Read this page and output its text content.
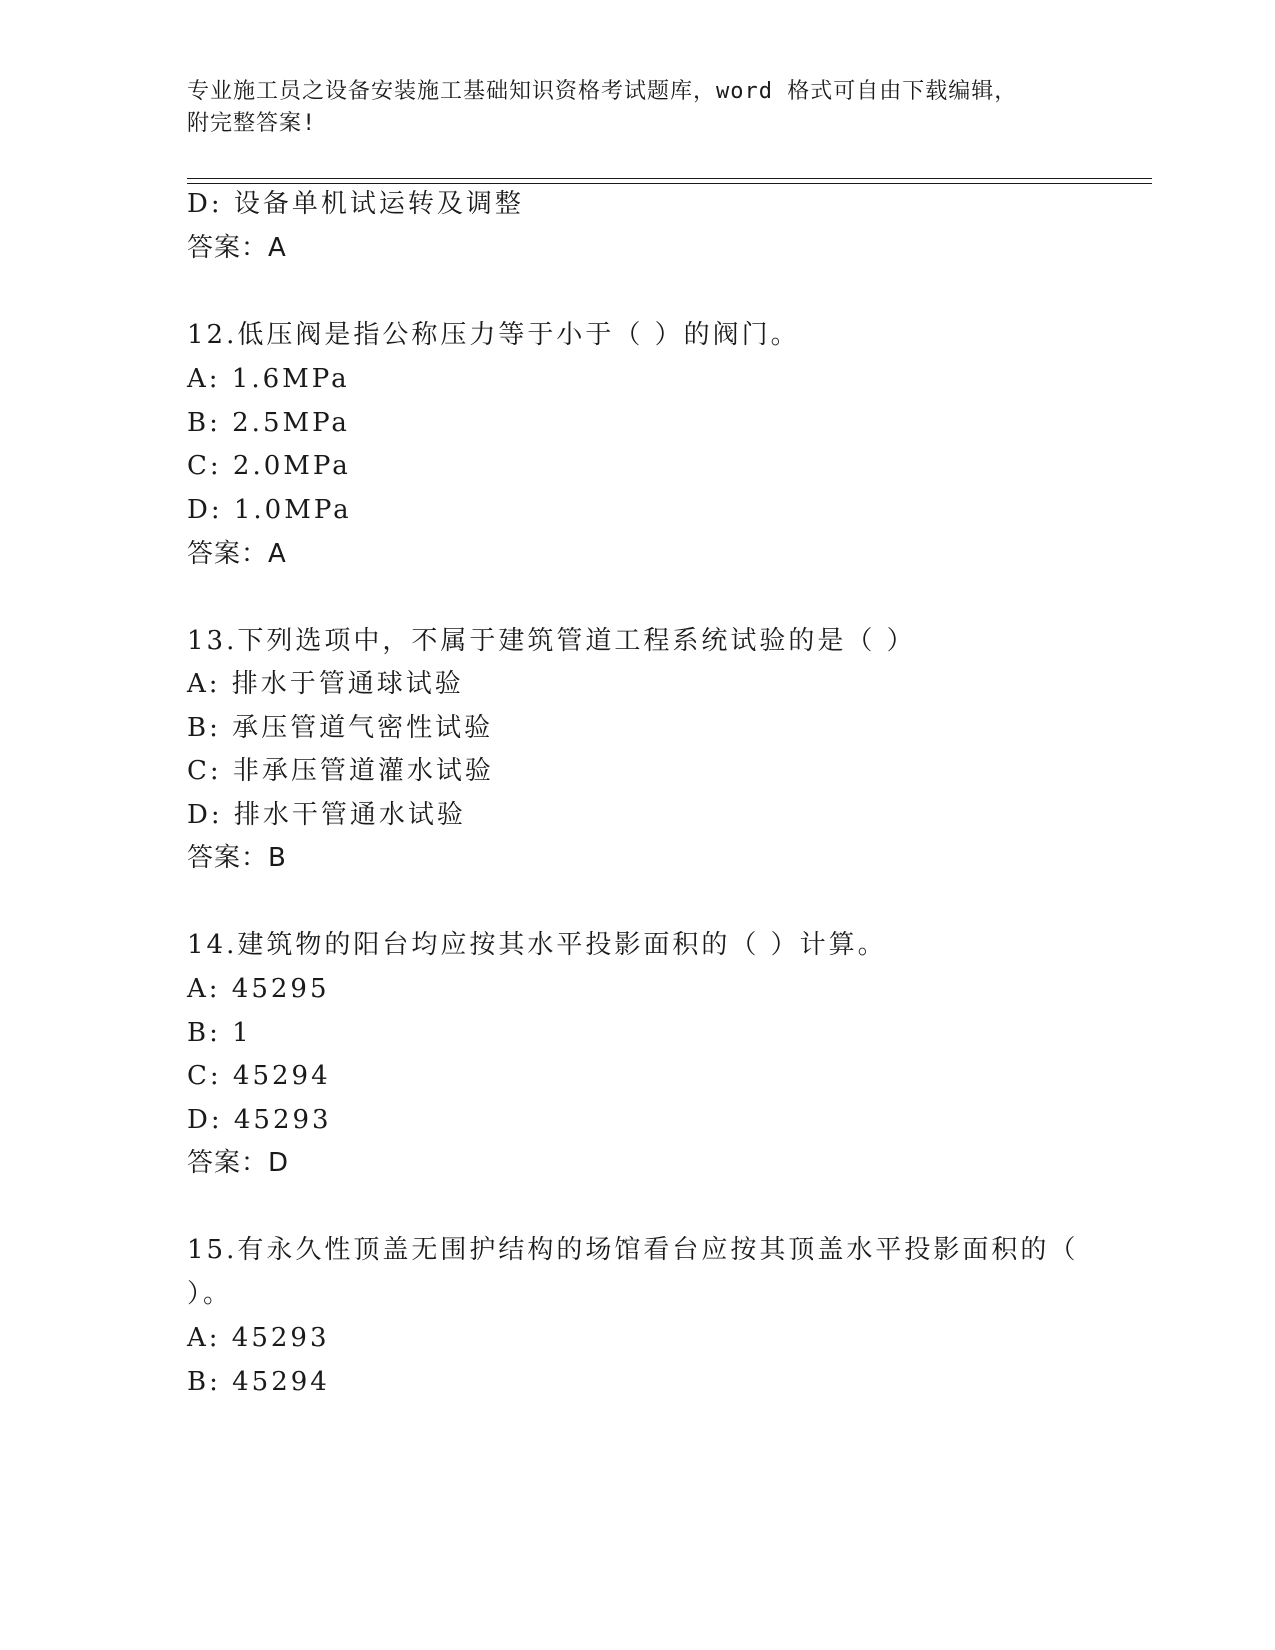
专业施工员之设备安装施工基础知识资格考试题库，word 格式可自由下载编辑，
附完整答案!
D: 设备单机试运转及调整
答案：A
12.低压阀是指公称压力等于小于（ ）的阀门。
A: 1.6MPa
B: 2.5MPa
C: 2.0MPa
D: 1.0MPa
答案：A
13.下列选项中，不属于建筑管道工程系统试验的是（ ）
A: 排水于管通球试验
B: 承压管道气密性试验
C: 非承压管道灌水试验
D: 排水干管通水试验
答案：B
14.建筑物的阳台均应按其水平投影面积的（ ）计算。
A: 45295
B: 1
C: 45294
D: 45293
答案：D
15.有永久性顶盖无围护结构的场馆看台应按其顶盖水平投影面积的（
）。
A: 45293
B: 45294
